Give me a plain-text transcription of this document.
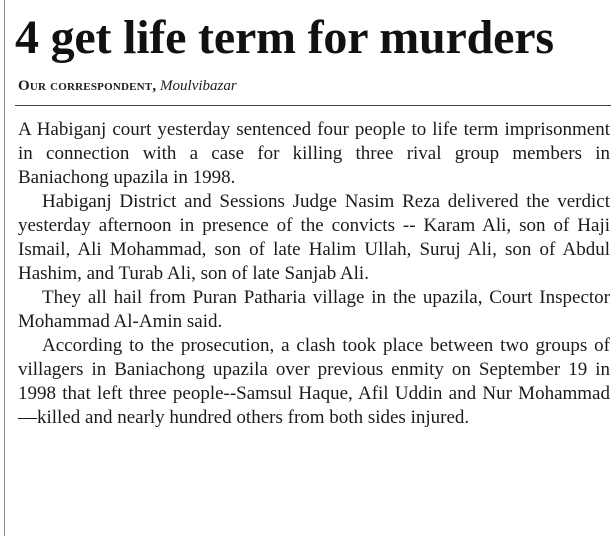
4 get life term for murders
Our correspondent, Moulvibazar

A Habiganj court yesterday sentenced four people to life term imprisonment in connection with a case for killing three rival group members in Baniachong upazila in 1998.

Habiganj District and Sessions Judge Nasim Reza delivered the verdict yesterday afternoon in presence of the convicts -- Karam Ali, son of Haji Ismail, Ali Mohammad, son of late Halim Ullah, Suruj Ali, son of Abdul Hashim, and Turab Ali, son of late Sanjab Ali.

They all hail from Puran Patharia village in the upazila, Court Inspector Mohammad Al-Amin said.

According to the prosecution, a clash took place between two groups of villagers in Baniachong upazila over previous enmity on September 19 in 1998 that left three people--Samsul Haque, Afil Uddin and Nur Mohammad—killed and nearly hundred others from both sides injured.
